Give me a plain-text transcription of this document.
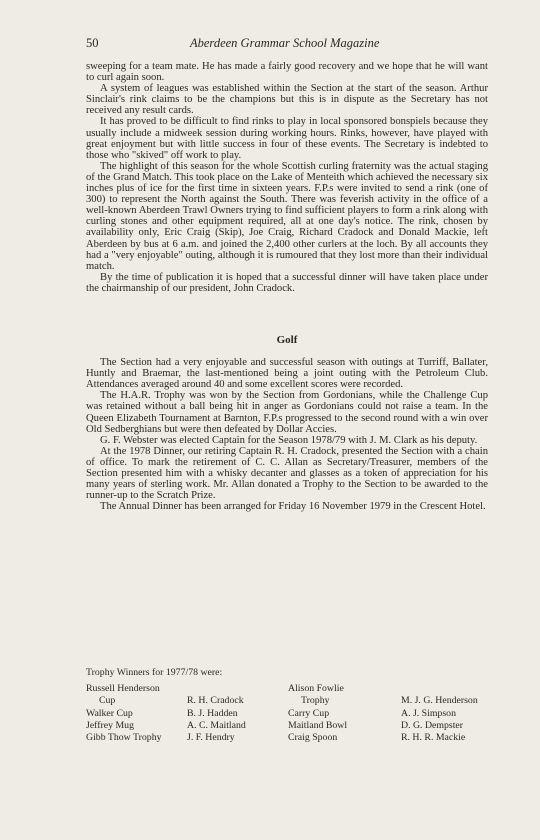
50	Aberdeen Grammar School Magazine

sweeping for a team mate. He has made a fairly good recovery and we hope that he will want to curl again soon.

A system of leagues was established within the Section at the start of the season. Arthur Sinclair's rink claims to be the champions but this is in dispute as the Secretary has not received any result cards.

It has proved to be difficult to find rinks to play in local sponsored bonspiels because they usually include a midweek session during working hours. Rinks, however, have played with great enjoyment but with little success in four of these events. The Secretary is indebted to those who "skived" off work to play.

The highlight of this season for the whole Scottish curling fraternity was the actual staging of the Grand Match. This took place on the Lake of Menteith which achieved the necessary six inches plus of ice for the first time in sixteen years. F.P.s were invited to send a rink (one of 300) to represent the North against the South. There was feverish activity in the office of a well-known Aberdeen Trawl Owners trying to find sufficient players to form a rink along with curling stones and other equipment required, all at one day's notice. The rink, chosen by availability only, Eric Craig (Skip), Joe Craig, Richard Cradock and Donald Mackie, left Aberdeen by bus at 6 a.m. and joined the 2,400 other curlers at the loch. By all accounts they had a "very enjoyable" outing, although it is rumoured that they lost more than their individual match.

By the time of publication it is hoped that a successful dinner will have taken place under the chairmanship of our president, John Cradock.

Golf

The Section had a very enjoyable and successful season with outings at Turriff, Ballater, Huntly and Braemar, the last-mentioned being a joint outing with the Petroleum Club. Attendances averaged around 40 and some excellent scores were recorded.

The H.A.R. Trophy was won by the Section from Gordonians, while the Challenge Cup was retained without a ball being hit in anger as Gordonians could not raise a team. In the Queen Elizabeth Tournament at Barnton, F.P.s progressed to the second round with a win over Old Sedberghians but were then defeated by Dollar Accies.

G. F. Webster was elected Captain for the Season 1978/79 with J. M. Clark as his deputy.

At the 1978 Dinner, our retiring Captain R. H. Cradock, presented the Section with a chain of office. To mark the retirement of C. C. Allan as Secretary/Treasurer, members of the Section presented him with a whisky decanter and glasses as a token of appreciation for his many years of sterling work. Mr. Allan donated a Trophy to the Section to be awarded to the runner-up to the Scratch Prize.

The Annual Dinner has been arranged for Friday 16 November 1979 in the Crescent Hotel.

Trophy Winners for 1977/78 were:
Russell Henderson
Cup
Walker Cup
Jeffrey Mug
Gibb Thow Trophy

R. H. Cradock
B. J. Hadden
A. C. Maitland
J. F. Hendry
Alison Fowlie
Trophy
Carry Cup
Maitland Bowl
Craig Spoon

M. J. G. Henderson
A. J. Simpson
D. G. Dempster
R. H. R. Mackie
